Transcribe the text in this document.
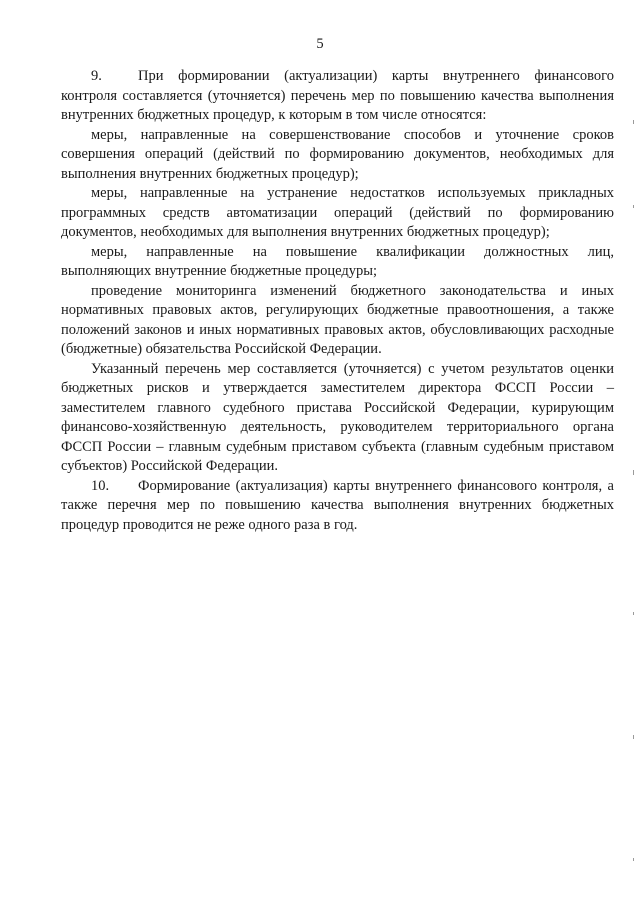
5

9. При формировании (актуализации) карты внутреннего финансового контроля составляется (уточняется) перечень мер по повышению качества выполнения внутренних бюджетных процедур, к которым в том числе относятся:

меры, направленные на совершенствование способов и уточнение сроков совершения операций (действий по формированию документов, необходимых для выполнения внутренних бюджетных процедур);

меры, направленные на устранение недостатков используемых прикладных программных средств автоматизации операций (действий по формированию документов, необходимых для выполнения внутренних бюджетных процедур);

меры, направленные на повышение квалификации должностных лиц, выполняющих внутренние бюджетные процедуры;

проведение мониторинга изменений бюджетного законодательства и иных нормативных правовых актов, регулирующих бюджетные правоотношения, а также положений законов и иных нормативных правовых актов, обусловливающих расходные (бюджетные) обязательства Российской Федерации.

Указанный перечень мер составляется (уточняется) с учетом результатов оценки бюджетных рисков и утверждается заместителем директора ФССП России – заместителем главного судебного пристава Российской Федерации, курирующим финансово-хозяйственную деятельность, руководителем территориального органа ФССП России – главным судебным приставом субъекта (главным судебным приставом субъектов) Российской Федерации.

10. Формирование (актуализация) карты внутреннего финансового контроля, а также перечня мер по повышению качества выполнения внутренних бюджетных процедур проводится не реже одного раза в год.
